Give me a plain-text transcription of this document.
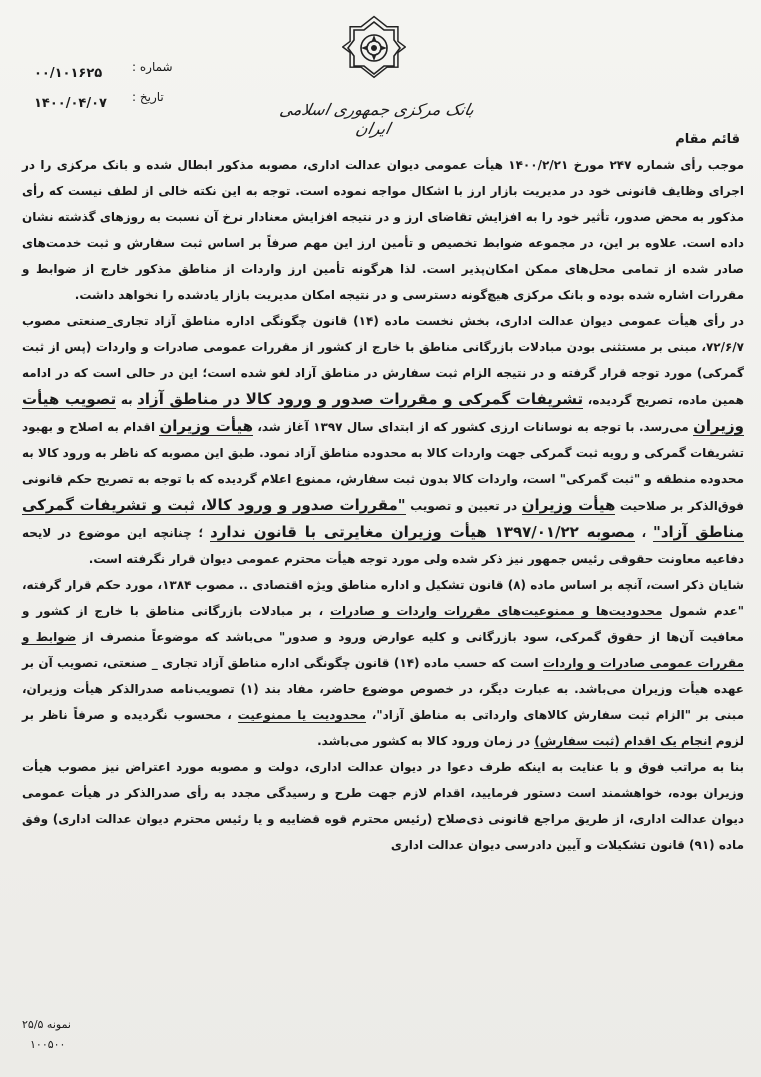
شماره :
۰۰/۱۰۱۶۲۵
تاریخ :
۱۴۰۰/۰۴/۰۷	بانک مرکزی جمهوری اسلامی ایران
قائم مقام
موجب رأی شماره ۲۴۷ مورخ ۱۴۰۰/۲/۲۱ هیأت عمومی دیوان عدالت اداری، مصوبه مذکور ابطال شده و بانک مرکزی را در اجرای وظایف قانونی خود در مدیریت بازار ارز با اشکال مواجه نموده است. توجه به این نکته خالی از لطف نیست که رأی مذکور به محض صدور، تأثیر خود را به افزایش تقاضای ارز و در نتیجه افزایش معنادار نرخ آن نسبت به روزهای گذشته نشان داده است. علاوه بر این، در مجموعه ضوابط تخصیص و تأمین ارز این مهم صرفاً بر اساس ثبت سفارش و ثبت خدمت‌های صادر شده از تمامی محل‌های ممکن امکان‌پذیر است. لذا هرگونه تأمین ارز واردات از مناطق مذکور خارج از ضوابط و مقررات اشاره شده بوده و بانک مرکزی هیچ‌گونه دسترسی و در نتیجه امکان مدیریت بازار یادشده را نخواهد داشت.
در رأی هیأت عمومی دیوان عدالت اداری، بخش نخست ماده (۱۴) قانون چگونگی اداره مناطق آزاد تجاری_صنعتی مصوب ۷۲/۶/۷، مبنی بر مستثنی بودن مبادلات بازرگانی مناطق با خارج از کشور از مقررات عمومی صادرات و واردات (پس از ثبت گمرکی) مورد توجه قرار گرفته و در نتیجه الزام ثبت سفارش در مناطق آزاد لغو شده است؛ این در حالی است که در ادامه همین ماده، تصریح گردیده، تشریفات گمرکی و مقررات صدور و ورود کالا در مناطق آزاد به تصویب هیأت وزیران می‌رسد. با توجه به نوسانات ارزی کشور که از ابتدای سال ۱۳۹۷ آغاز شد، هیأت وزیران اقدام به اصلاح و بهبود تشریفات گمرکی و رویه ثبت گمرکی جهت واردات کالا به محدوده مناطق آزاد نمود. طبق این مصوبه که ناظر به ورود کالا به محدوده منطقه و "ثبت گمرکی" است، واردات کالا بدون ثبت سفارش، ممنوع اعلام گردیده که با توجه به تصریح حکم قانونی فوق‌الذکر بر صلاحیت هیأت وزیران در تعیین و تصویب "مقررات صدور و ورود کالا، ثبت و تشریفات گمرکی مناطق آزاد" ، مصوبه ۱۳۹۷/۰۱/۲۲ هیأت وزیران مغایرتی با قانون ندارد ؛ چنانچه این موضوع در لایحه دفاعیه معاونت حقوقی رئیس جمهور نیز ذکر شده ولی مورد توجه هیأت محترم عمومی دیوان قرار نگرفته است.
شایان ذکر است، آنچه بر اساس ماده (۸) قانون تشکیل و اداره مناطق ویژه اقتصادی .. مصوب ۱۳۸۴، مورد حکم قرار گرفته، "عدم شمول محدودیت‌ها و ممنوعیت‌های مقررات واردات و صادرات ، بر مبادلات بازرگانی مناطق با خارج از کشور و معافیت آن‌ها از حقوق گمرکی، سود بازرگانی و کلیه عوارض ورود و صدور" می‌باشد که موضوعاً منصرف از ضوابط و مقررات عمومی صادرات و واردات است که حسب ماده (۱۴) قانون چگونگی اداره مناطق آزاد تجاری _ صنعتی، تصویب آن بر عهده هیأت وزیران می‌باشد. به عبارت دیگر، در خصوص موضوع حاضر، مفاد بند (۱) تصویب‌نامه صدرالذکر هیأت وزیران، مبنی بر "الزام ثبت سفارش کالاهای وارداتی به مناطق آزاد"، محدودیت یا ممنوعیت ، محسوب نگردیده و صرفاً ناظر بر لزوم انجام یک اقدام (ثبت سفارش) در زمان ورود کالا به کشور می‌باشد.
بنا به مراتب فوق و با عنایت به اینکه طرف دعوا در دیوان عدالت اداری، دولت و مصوبه مورد اعتراض نیز مصوب هیأت وزیران بوده، خواهشمند است دستور فرمایید، اقدام لازم جهت طرح و رسیدگی مجدد به رأی صدرالذکر در هیأت عمومی دیوان عدالت اداری، از طریق مراجع قانونی ذی‌صلاح (رئیس محترم قوه قضاییه و یا رئیس محترم دیوان عدالت اداری) وفق ماده (۹۱) قانون تشکیلات و آیین دادرسی دیوان عدالت اداری
نمونه ۲۵/۵
۱۰۰۵۰۰
